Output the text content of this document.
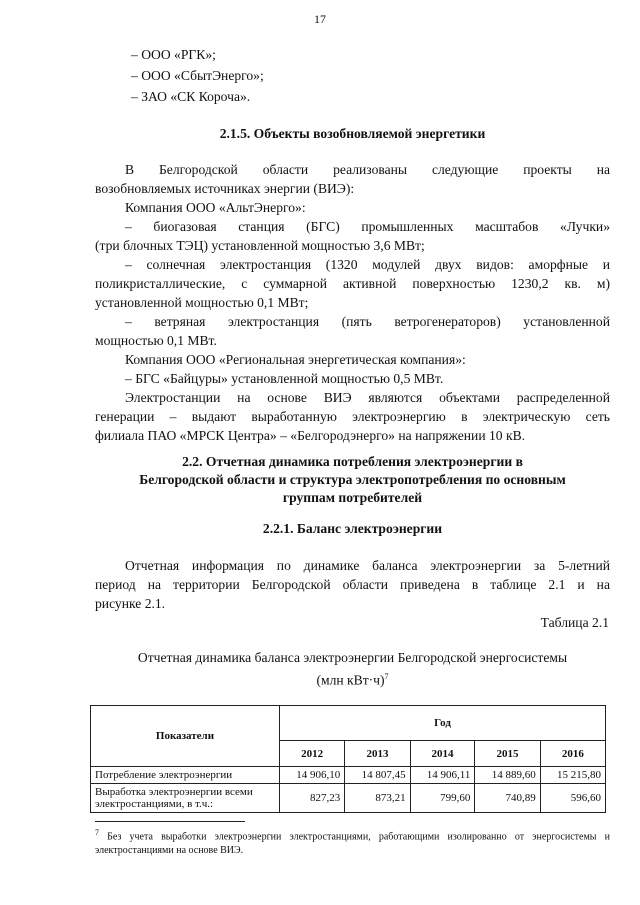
17
– ООО «РГК»;
– ООО «СбытЭнерго»;
– ЗАО «СК Короча».
2.1.5. Объекты возобновляемой энергетики
В Белгородской области реализованы следующие проекты на
возобновляемых источниках энергии (ВИЭ):
Компания ООО «АльтЭнерго»:
– биогазовая станция (БГС) промышленных масштабов «Лучки»
(три блочных ТЭЦ) установленной мощностью 3,6 МВт;
– солнечная электростанция (1320 модулей двух видов: аморфные и
поликристаллические, с суммарной активной поверхностью 1230,2 кв. м)
установленной мощностью 0,1 МВт;
– ветряная электростанция (пять ветрогенераторов) установленной
мощностью 0,1 МВт.
Компания ООО «Региональная энергетическая компания»:
– БГС «Байцуры» установленной мощностью 0,5 МВт.
Электростанции на основе ВИЭ являются объектами распределенной
генерации – выдают выработанную электроэнергию в электрическую сеть
филиала ПАО «МРСК Центра» – «Белгородэнерго» на напряжении 10 кВ.
2.2. Отчетная динамика потребления электроэнергии в
Белгородской области и структура электропотребления по основным
группам потребителей
2.2.1. Баланс электроэнергии
Отчетная информация по динамике баланса электроэнергии за 5-летний
период на территории Белгородской области приведена в таблице 2.1 и на
рисунке 2.1.
Таблица 2.1
Отчетная динамика баланса электроэнергии Белгородской энергосистемы
(млн кВт·ч)$^7$
Показатели	Год				
	2012	2013	2014	2015	2016
Потребление электроэнергии	14 906,10	14 807,45	14 906,11	14 889,60	15 215,80
Выработка электроэнергии всеми электростанциями, в т.ч.:	827,23	873,21	799,60	740,89	596,60
$^7$ Без учета выработки электроэнергии электростанциями, работающими изолированно от энергосистемы и электростанциями на основе ВИЭ.
